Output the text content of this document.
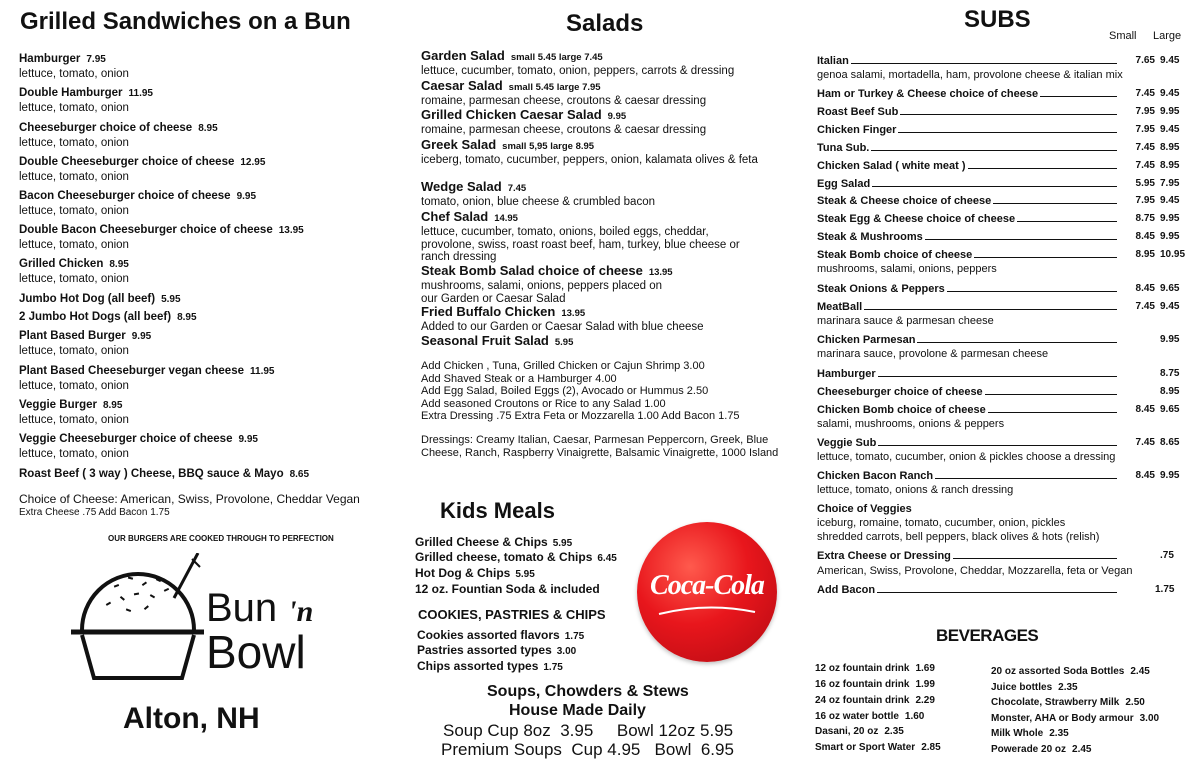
Grilled Sandwiches on a Bun	Salads	SUBS
Hamburger 7.95
lettuce, tomato, onion
Double Hamburger 11.95
lettuce, tomato, onion
Cheeseburger choice of cheese 8.95
lettuce, tomato, onion
Double Cheeseburger choice of cheese 12.95
lettuce, tomato, onion
Bacon Cheeseburger choice of cheese 9.95
lettuce, tomato, onion
Double Bacon Cheeseburger choice of cheese 13.95
lettuce, tomato, onion
Grilled Chicken 8.95
lettuce, tomato, onion
Jumbo Hot Dog (all beef) 5.95
2 Jumbo Hot Dogs (all beef) 8.95
Plant Based Burger 9.95
lettuce, tomato, onion
Plant Based Cheeseburger vegan cheese 11.95
lettuce, tomato, onion
Veggie Burger 8.95
lettuce, tomato, onion
Veggie Cheeseburger choice of cheese 9.95
lettuce, tomato, onion
Roast Beef ( 3 way ) Cheese, BBQ sauce & Mayo 8.65
Choice of Cheese: American, Swiss, Provolone, Cheddar Vegan
Extra Cheese .75 Add Bacon 1.75
OUR BURGERS ARE COOKED THROUGH TO PERFECTION
Bun 'n
Bowl
Alton, NH
Garden Salad small 5.45 large 7.45
lettuce, cucumber, tomato, onion, peppers, carrots & dressing
Caesar Salad small 5.45 large 7.95
romaine, parmesan cheese, croutons & caesar dressing
Grilled Chicken Caesar Salad 9.95
romaine, parmesan cheese, croutons & caesar dressing
Greek Salad small 5,95 large 8.95
iceberg, tomato, cucumber, peppers, onion, kalamata olives & feta
Wedge Salad 7.45
tomato, onion, blue cheese & crumbled bacon
Chef Salad 14.95
lettuce, cucumber, tomato, onions, boiled eggs, cheddar, provolone, swiss, roast roast beef, ham, turkey, blue cheese or ranch dressing
Steak Bomb Salad choice of cheese 13.95
mushrooms, salami, onions, peppers placed on our Garden or Caesar Salad
Fried Buffalo Chicken 13.95
Added to our Garden or Caesar Salad with blue cheese
Seasonal Fruit Salad 5.95
Add Chicken , Tuna, Grilled Chicken or Cajun Shrimp 3.00
Add Shaved Steak or a Hamburger 4.00
Add Egg Salad, Boiled Eggs (2), Avocado or Hummus 2.50
Add seasoned Croutons or Rice to any Salad 1.00
Extra Dressing .75 Extra Feta or Mozzarella 1.00 Add Bacon 1.75
Dressings: Creamy Italian, Caesar, Parmesan Peppercorn, Greek, Blue Cheese, Ranch, Raspberry Vinaigrette, Balsamic Vinaigrette, 1000 Island
Kids Meals
Grilled Cheese & Chips 5.95
Grilled cheese, tomato & Chips 6.45
Hot Dog & Chips 5.95
12 oz. Fountian Soda & included
COOKIES, PASTRIES & CHIPS
Cookies assorted flavors 1.75
Pastries assorted types 3.00
Chips assorted types 1.75
Coca-Cola
Soups, Chowders & Stews
House Made Daily
Soup Cup 8oz  3.95     Bowl 12oz 5.95
Premium Soups  Cup 4.95   Bowl  6.95
Small Large
Italian	7.65 9.45
genoa salami, mortadella, ham, provolone cheese & italian mix
Ham or Turkey & Cheese choice of cheese	7.45 9.45
Roast Beef Sub	7.95 9.95
Chicken Finger	7.95 9.45
Tuna Sub.	7.45 8.95
Chicken Salad ( white meat )	7.45 8.95
Egg Salad	5.95 7.95
Steak & Cheese choice of cheese	7.95 9.45
Steak Egg & Cheese choice of cheese	8.75 9.95
Steak & Mushrooms	8.45 9.95
Steak Bomb choice of cheese	8.95 10.95
mushrooms, salami, onions, peppers
Steak Onions & Peppers	8.45 9.65
MeatBall	7.45 9.45
marinara sauce & parmesan cheese
Chicken Parmesan	9.95
marinara sauce, provolone & parmesan cheese
Hamburger	8.75
Cheeseburger choice of cheese	8.95
Chicken Bomb choice of cheese	8.45 9.65
salami, mushrooms, onions & peppers
Veggie Sub	7.45 8.65
lettuce, tomato, cucumber, onion & pickles choose a dressing
Chicken Bacon Ranch	8.45 9.95
lettuce, tomato, onions & ranch dressing
Choice of Veggies
iceburg, romaine, tomato, cucumber, onion, pickles
shredded carrots, bell peppers, black olives & hots (relish)
Extra Cheese or Dressing	.75
American, Swiss, Provolone, Cheddar, Mozzarella, feta or Vegan
Add Bacon	1.75
BEVERAGES
12 oz fountain drink 1.69
16 oz fountain drink 1.99
24 oz fountain drink 2.29
16 oz water bottle 1.60
Dasani, 20 oz 2.35
Smart or Sport Water 2.85
20 oz assorted Soda Bottles 2.45
Juice bottles 2.35
Chocolate, Strawberry Milk 2.50
Monster, AHA or Body armour 3.00
Milk Whole 2.35
Powerade 20 oz 2.45
